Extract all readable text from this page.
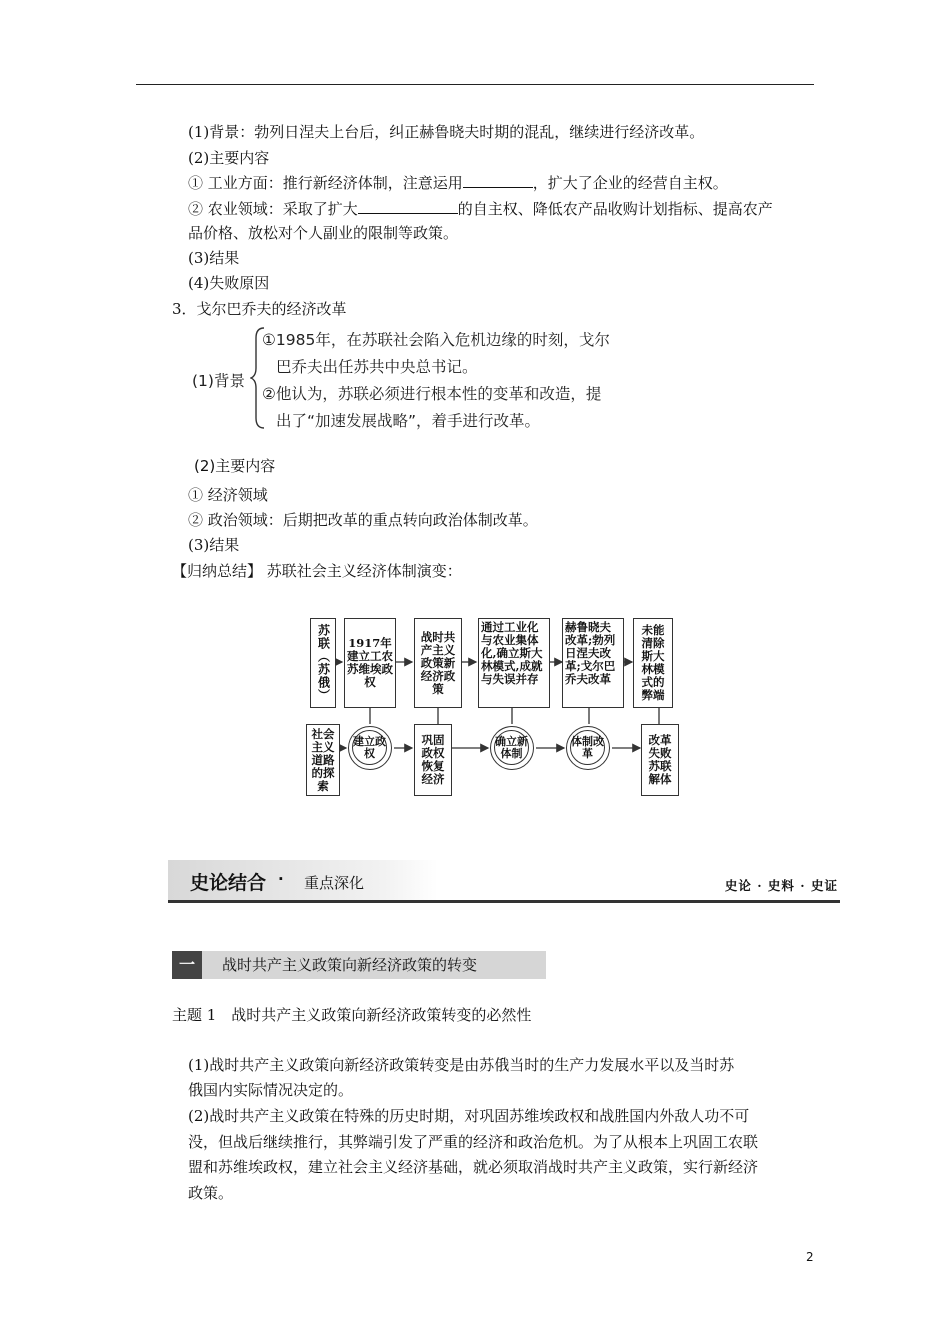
(1)背景：勃列日涅夫上台后，纠正赫鲁晓夫时期的混乱，继续进行经济改革。
(2)主要内容
① 工业方面：推行新经济体制，注意运用	，扩大了企业的经营自主权。
② 农业领域：采取了扩大	的自主权、降低农产品收购计划指标、提高农产
品价格、放松对个人副业的限制等政策。
(3)结果
(4)失败原因
3．戈尔巴乔夫的经济改革
(1)背景
①1985年，在苏联社会陷入危机边缘的时刻，戈尔
巴乔夫出任苏共中央总书记。
②他认为，苏联必须进行根本性的变革和改造，提
出了“加速发展战略”，着手进行改革。
(2)主要内容
① 经济领域
② 政治领域：后期把改革的重点转向政治体制改革。
(3)结果
【归纳总结】 苏联社会主义经济体制演变：
苏联（苏俄）	1917年建立工农苏维埃政权
战时共产主义政策新经济政策
通过工业化与农业集体化,确立斯大林模式,成就与失误并存
赫鲁晓夫改革;勃列日涅夫改革;戈尔巴乔夫改革
未能清除斯大林模式的弊端
社会主义道路的探索
建立政权
巩固政权恢复经济
确立新体制
体制改革
改革失败苏联解体
史论结合 · 重点深化	史论 · 史料 · 史证
一	战时共产主义政策向新经济政策的转变
主题 1　战时共产主义政策向新经济政策转变的必然性
(1)战时共产主义政策向新经济政策转变是由苏俄当时的生产力发展水平以及当时苏
俄国内实际情况决定的。
(2)战时共产主义政策在特殊的历史时期，对巩固苏维埃政权和战胜国内外敌人功不可
没，但战后继续推行，其弊端引发了严重的经济和政治危机。为了从根本上巩固工农联
盟和苏维埃政权，建立社会主义经济基础，就必须取消战时共产主义政策，实行新经济
政策。
2
